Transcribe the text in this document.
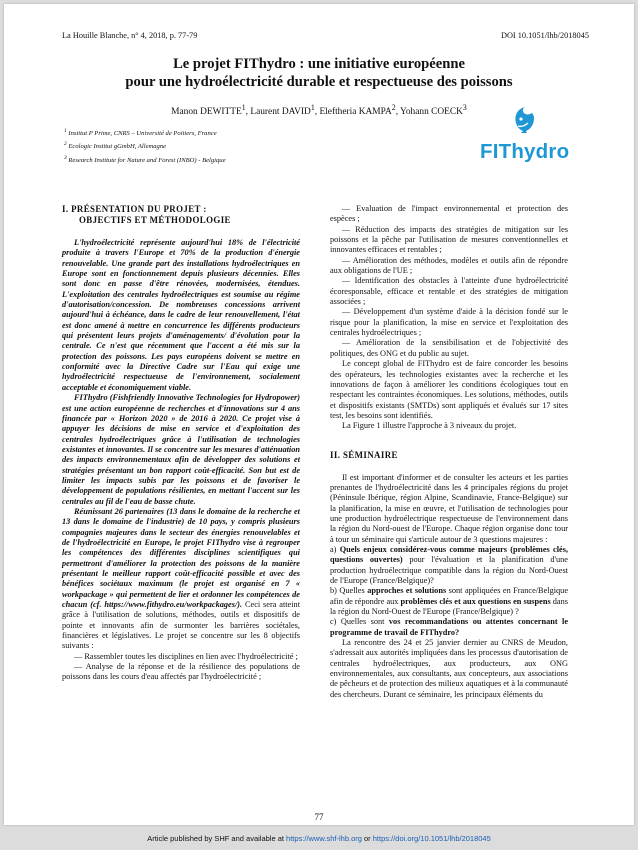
La Houille Blanche, n° 4, 2018, p. 77-79	DOI 10.1051/lhb/2018045
Le projet FIThydro : une initiative européenne
pour une hydroélectricité durable et respectueuse des poissons
Manon DEWITTE$^1$, Laurent DAVID$^1$, Eleftheria KAMPA$^2$, Yohann COECK$^3$
$^1$ Institut P Prime, CNRS – Université de Poitiers, France
$^2$ Ecologic Institut gGmbH, Allemagne
$^3$ Research Institute for Nature and Forest (INBO) - Belgique	FIThydro
I. PRÉSENTATION DU PROJET :
OBJECTIFS ET MÉTHODOLOGIE

L'hydroélectricité représente aujourd'hui 18% de l'électricité produite à travers l'Europe et 70% de la production d'énergie renouvelable. Une grande part des installations hydroélectriques en Europe sont en fonctionnement depuis plusieurs décennies. Elles sont donc en passe d'être rénovées, modernisées, étendues. L'exploitation des centrales hydroélectriques est soumise au régime d'autorisation/concession. De nombreuses concessions arrivent aujourd'hui à échéance, dans le cadre de leur renouvellement, l'état est donc amené à mettre en concurrence les différents producteurs qui présentent leurs projets d'aménagements/ d'évolution pour la centrale. Ce n'est que récemment que l'accent a été mis sur la protection des poissons. Les pays européens doivent se mettre en conformité avec la Directive Cadre sur l'Eau qui exige une hydroélectricité respectueuse de l'environnement, socialement acceptable et économiquement viable.

FIThydro (Fishfriendly Innovative Technologies for Hydropower) est une action européenne de recherches et d'innovations sur 4 ans financée par « Horizon 2020 » de 2016 à 2020. Ce projet vise à appuyer les décisions de mise en service et d'exploitation des centrales hydroélectriques grâce à l'utilisation de technologies existantes et innovantes. Il se concentre sur les mesures d'atténuation des impacts environnementaux afin de développer des solutions et stratégies présentant un bon rapport coût-efficacité. Son but est de limiter les impacts subis par les poissons et de favoriser le développement de populations résilientes, en mettant l'accent sur les centrales au fil de l'eau de basse chute.

Réunissant 26 partenaires (13 dans le domaine de la recherche et 13 dans le domaine de l'industrie) de 10 pays, y compris plusieurs compagnies majeures dans le secteur des énergies renouvelables et de l'hydroélectricité en Europe, le projet FIThydro vise à regrouper les compétences des différentes disciplines scientifiques qui permettront d'améliorer la protection des poissons de la manière présentant le meilleur rapport coût-efficacité possible et avec des bénéfices sociétaux maximum (le projet est organisé en 7 « workpackage » qui permettent de lier et ordonner les compétences de chacun (cf. https://www.fithydro.eu/workpackages/). Ceci sera atteint grâce à l'utilisation de solutions, méthodes, outils et dispositifs de pointe et innovants afin de surmonter les barrières sociétales, financières et législatives. Le projet se concentre sur les 8 objectifs suivants :

— Rassembler toutes les disciplines en lien avec l'hydroélectricité ;

— Analyse de la réponse et de la résilience des populations de poissons dans les cours d'eau affectés par l'hydroélectricité ;

— Evaluation de l'impact environnemental et protection des espèces ;

— Réduction des impacts des stratégies de mitigation sur les poissons et la pêche par l'utilisation de mesures conventionnelles et innovantes efficaces et rentables ;

— Amélioration des méthodes, modèles et outils afin de répondre aux obligations de l'UE ;

— Identification des obstacles à l'atteinte d'une hydroélectricité écoresponsable, efficace et rentable et des stratégies de mitigation associées ;

— Développement d'un système d'aide à la décision fondé sur le risque pour la planification, la mise en service et l'exploitation des centrales hydroélectriques ;

— Amélioration de la sensibilisation et de l'objectivité des politiques, des ONG et du public au sujet.

Le concept global de FIThydro est de faire concorder les besoins des opérateurs, les technologies existantes avec la recherche et les innovations de façon à améliorer les conditions écologiques tout en respectant les contraintes économiques. Les solutions, méthodes, outils et dispositifs existants (SMTDs) sont appliqués et évalués sur 17 sites test, les besoins sont identifiés.

La Figure 1 illustre l'approche à 3 niveaux du projet.

II. SÉMINAIRE

Il est important d'informer et de consulter les acteurs et les parties prenantes de l'hydroélectricité dans les 4 principales régions du projet (Péninsule Ibérique, région Alpine, Scandinavie, France-Belgique) sur la planification, la mise en œuvre, et l'utilisation de technologies pour une production hydroélectrique respectueuse de l'environnement dans la région du Nord-ouest de l'Europe. Chaque région organise donc tour à tour un séminaire qui s'articule autour de 3 questions majeures :

a) Quels enjeux considérez-vous comme majeurs (problèmes clés, questions ouvertes) pour l'évaluation et la planification d'une production hydroélectrique compatible dans la région du Nord-Ouest de l'Europe (France/Belgique)?

b) Quelles approches et solutions sont appliquées en France/Belgique afin de répondre aux problèmes clés et aux questions en suspens dans la région du Nord-Ouest de l'Europe (France/Belgique) ?

c) Quelles sont vos recommandations ou attentes concernant le programme de travail de FIThydro?

La rencontre des 24 et 25 janvier dernier au CNRS de Meudon, s'adressait aux autorités impliquées dans les processus d'autorisation de centrales hydroélectriques, aux producteurs, aux ONG environnementales, aux consultants, aux concepteurs, aux associations de pêcheurs et de protection des milieux aquatiques et à la communauté des chercheurs. Durant ce séminaire, les principaux éléments du

77
Article published by SHF and available at https://www.shf-lhb.org or https://doi.org/10.1051/lhb/2018045
